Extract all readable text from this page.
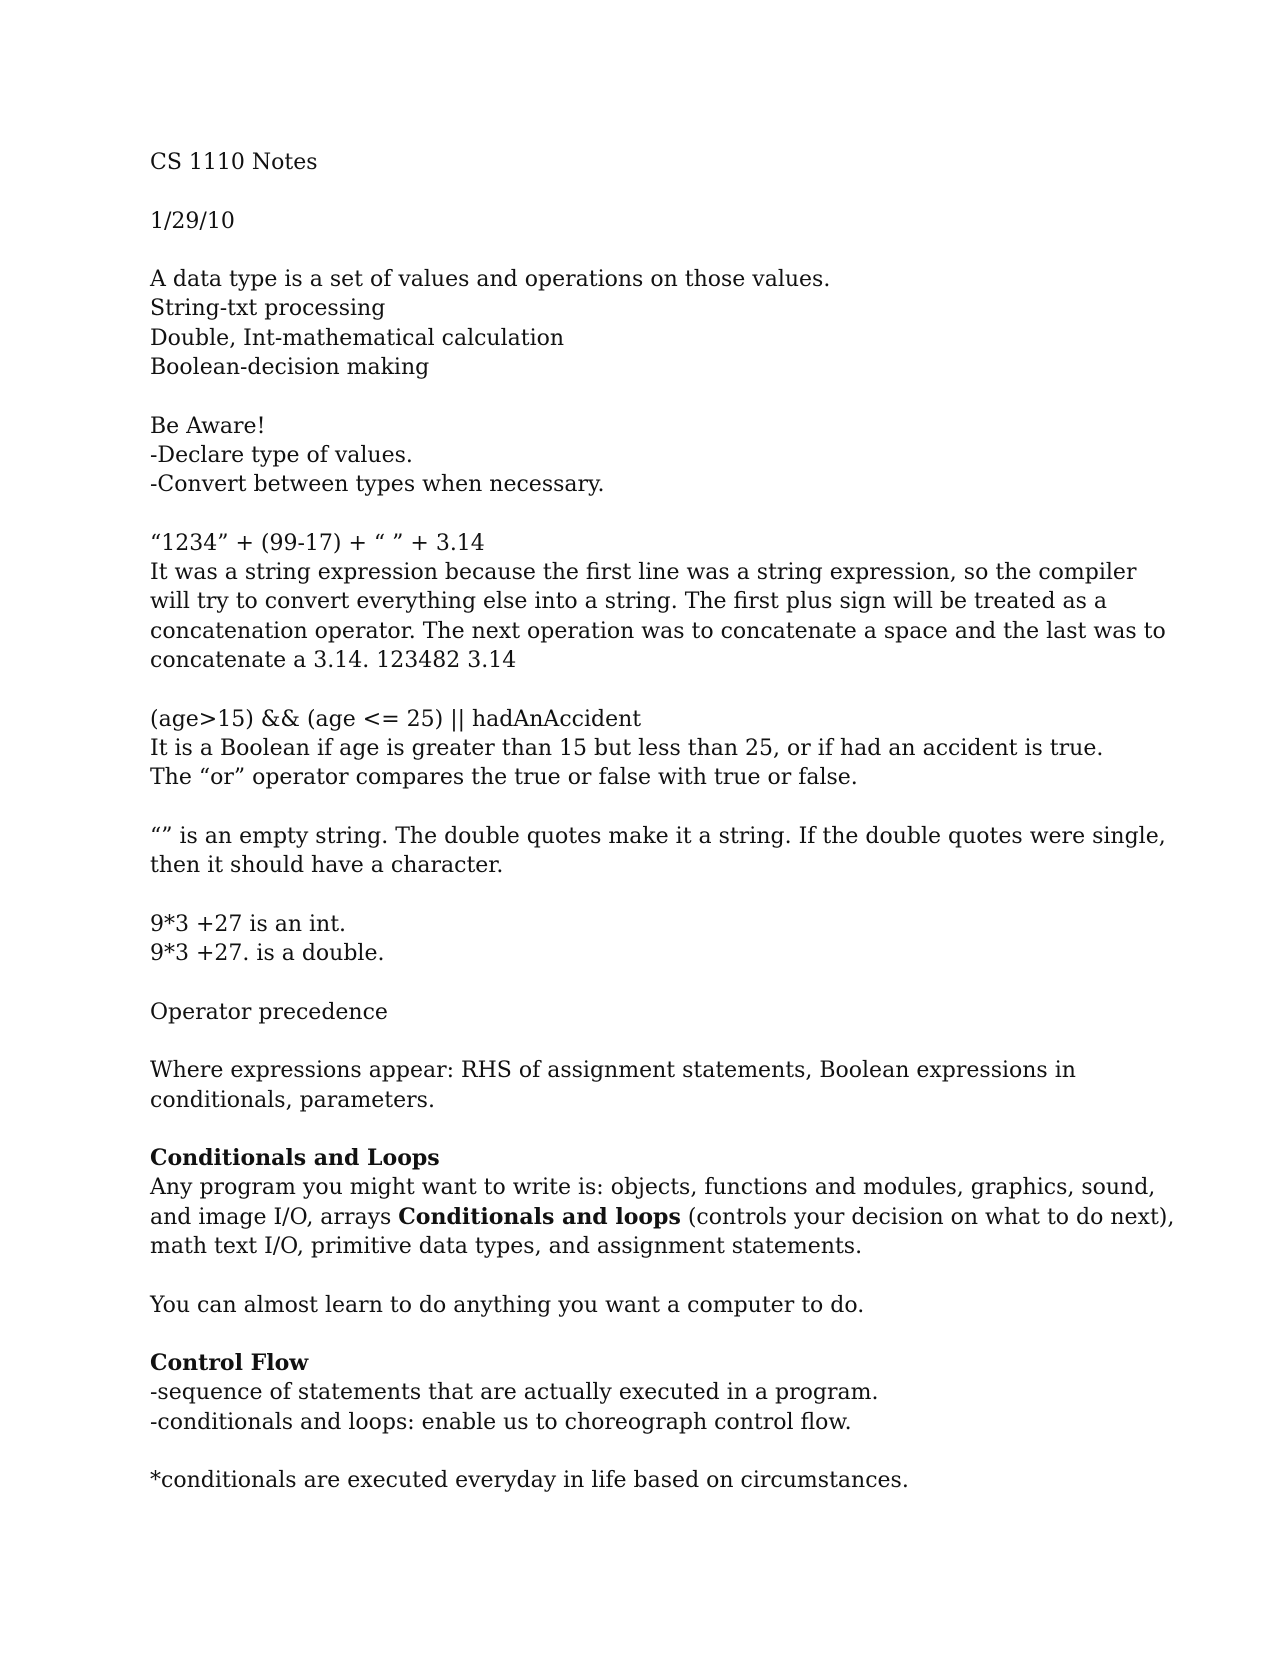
CS 1110 Notes
1/29/10
A data type is a set of values and operations on those values.
String-txt processing
Double, Int-mathematical calculation
Boolean-decision making
Be Aware!
-Declare type of values.
-Convert between types when necessary.
“1234” + (99-17) + “ ” + 3.14
It was a string expression because the first line was a string expression, so the compiler
will try to convert everything else into a string. The first plus sign will be treated as a
concatenation operator. The next operation was to concatenate a space and the last was to
concatenate a 3.14. 123482 3.14
(age>15) && (age <= 25) || hadAnAccident
It is a Boolean if age is greater than 15 but less than 25, or if had an accident is true.
The “or” operator compares the true or false with true or false.
“” is an empty string. The double quotes make it a string. If the double quotes were single,
then it should have a character.
9*3 +27 is an int.
9*3 +27. is a double.
Operator precedence
Where expressions appear: RHS of assignment statements, Boolean expressions in
conditionals, parameters.
Conditionals and Loops
Any program you might want to write is: objects, functions and modules, graphics, sound,
and image I/O, arrays Conditionals and loops (controls your decision on what to do next),
math text I/O, primitive data types, and assignment statements.
You can almost learn to do anything you want a computer to do.
Control Flow
-sequence of statements that are actually executed in a program.
-conditionals and loops: enable us to choreograph control flow.
*conditionals are executed everyday in life based on circumstances.
